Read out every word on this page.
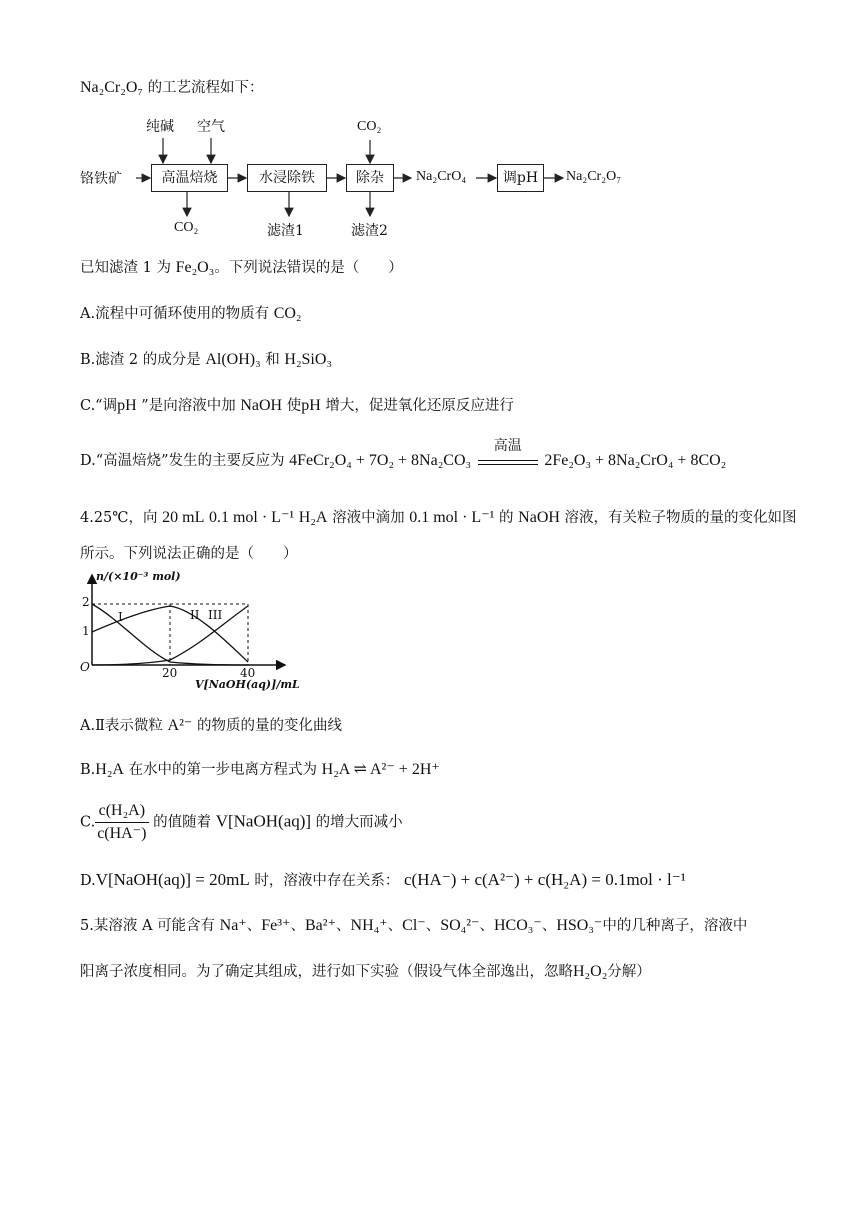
Na₂Cr₂O₇ 的工艺流程如下：
铬铁矿
纯碱 空气
高温焙烧
CO₂
水浸除铁
滤渣1
CO₂
除杂
滤渣2
Na₂CrO₄	调pH	Na₂Cr₂O₇
已知滤渣 1 为 Fe₂O₃。下列说法错误的是（　　）
A.流程中可循环使用的物质有 CO₂
B.滤渣 2 的成分是 Al(OH)₃ 和 H₂SiO₃
C.“调pH ”是向溶液中加 NaOH 使pH 增大，促进氧化还原反应进行
D.“高温焙烧”发生的主要反应为 4FeCr₂O₄ + 7O₂ + 8Na₂CO₃
高温
2Fe₂O₃ + 8Na₂CrO₄ + 8CO₂
4.25℃，向 20 mL 0.1 mol · L⁻¹ H₂A 溶液中滴加 0.1 mol · L⁻¹ 的 NaOH 溶液，有关粒子物质的量的变化如图
所示。下列说法正确的是（　　）
n/(×10⁻³ mol)
2
1
O	20	40
V[NaOH(aq)]/mL
I	II III
A.Ⅱ表示微粒 A²⁻ 的物质的量的变化曲线
B.H₂A 在水中的第一步电离方程式为 H₂A ⇌ A²⁻ + 2H⁺
C. $\frac{\text{c(H₂A)}}{c(HA^-)}$ 的值随着 V[NaOH(aq)] 的增大而减小
D.V[NaOH(aq)] = 20mL 时，溶液中存在关系： c(HA⁻) + c(A²⁻) + c(H₂A) = 0.1mol · l⁻¹
5.某溶液 A 可能含有 Na⁺、Fe³⁺、Ba²⁺、NH₄⁺、Cl⁻、SO₄²⁻、HCO₃⁻、HSO₃⁻中的几种离子，溶液中
阳离子浓度相同。为了确定其组成，进行如下实验（假设气体全部逸出，忽略H₂O₂分解）
